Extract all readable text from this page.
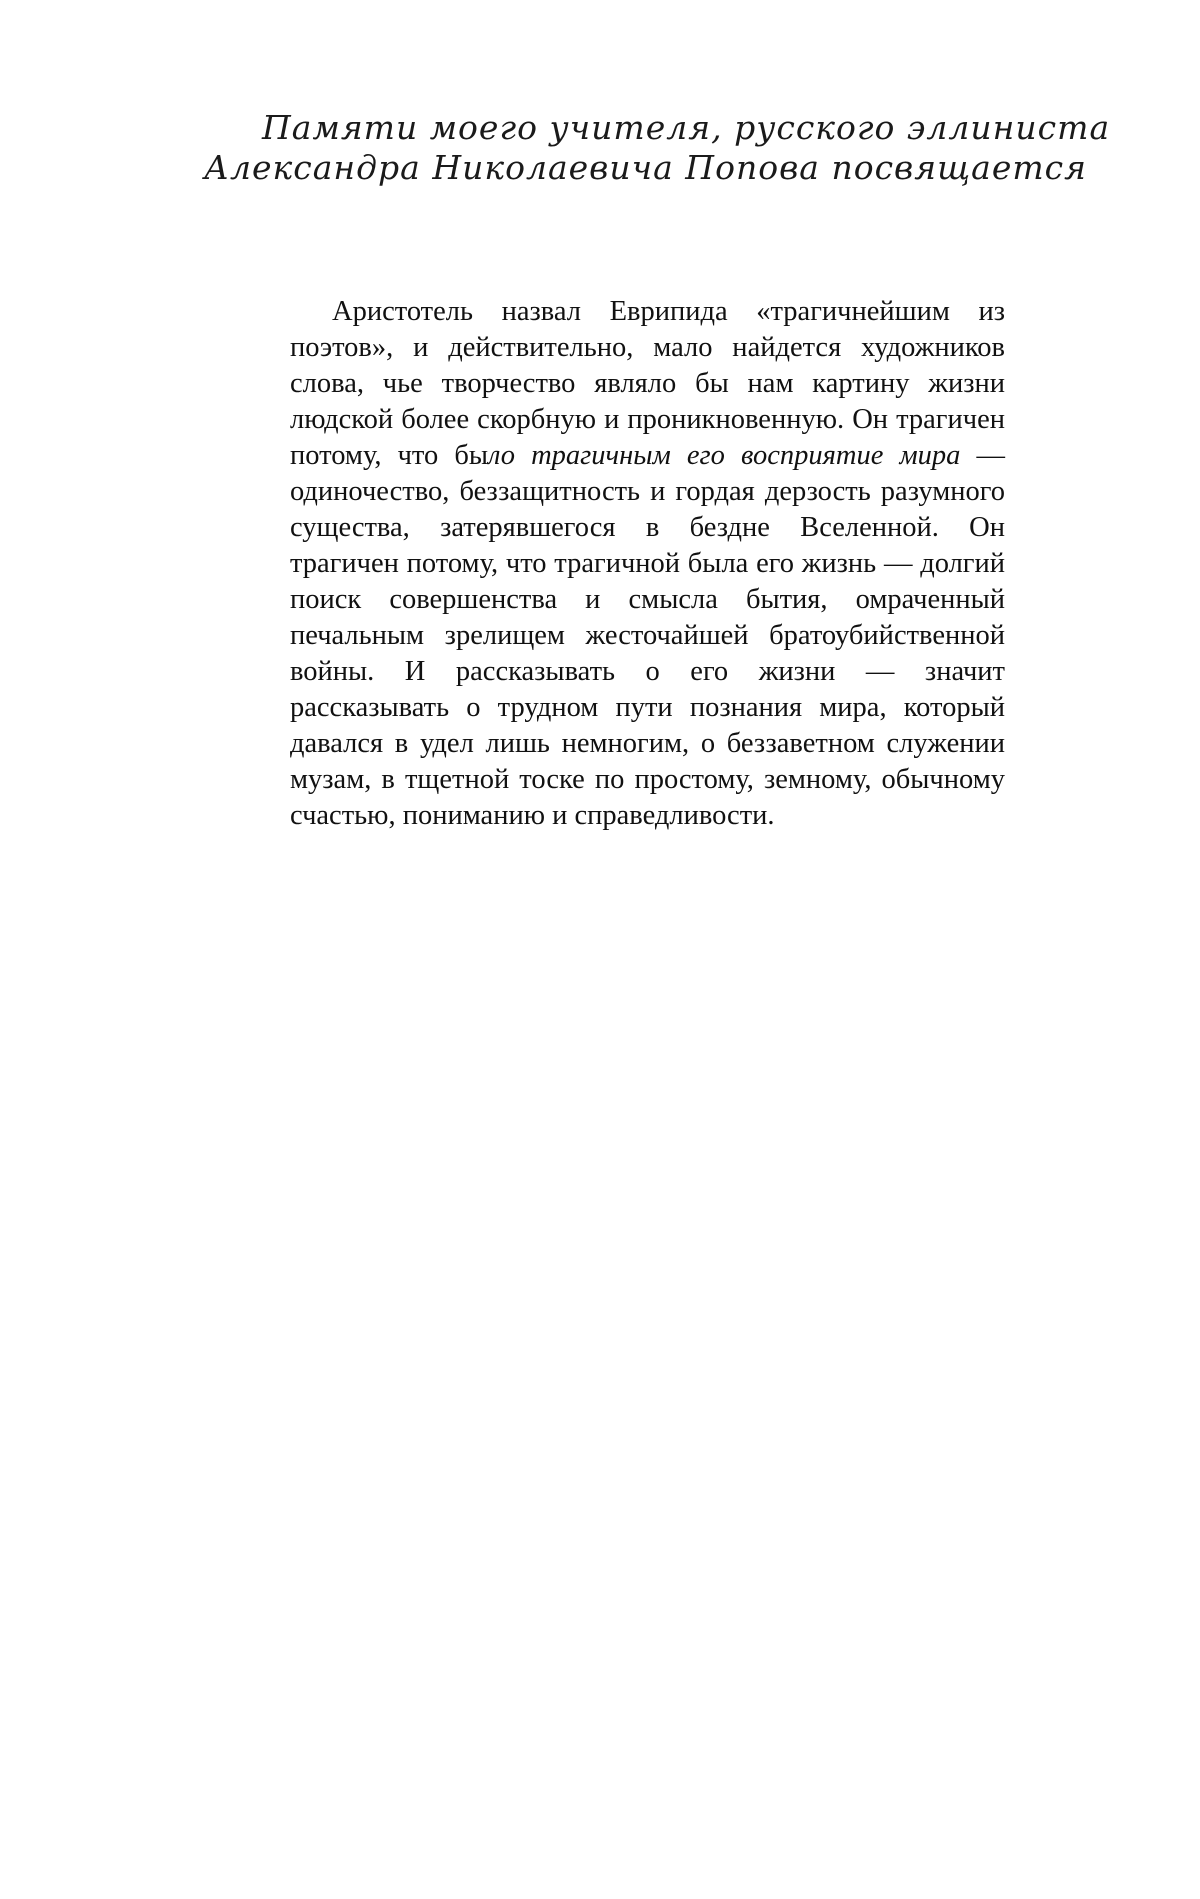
Памяти моего учителя, русского эллиниста
Александра Николаевича Попова посвящается

Аристотель назвал Еврипида «трагичнейшим из поэтов», и действительно, мало найдется художников слова, чье творчество являло бы нам картину жизни людской более скорбную и проникновенную. Он трагичен потому, что было трагичным его восприятие мира — одиночество, беззащитность и гордая дерзость разумного существа, затерявшегося в бездне Вселенной. Он трагичен потому, что трагичной была его жизнь — долгий поиск совершенства и смысла бытия, омраченный печальным зрелищем жесточайшей братоубийственной войны. И рассказывать о его жизни — значит рассказывать о трудном пути познания мира, который давался в удел лишь немногим, о беззаветном служении музам, в тщетной тоске по простому, земному, обычному счастью, пониманию и справедливости.
